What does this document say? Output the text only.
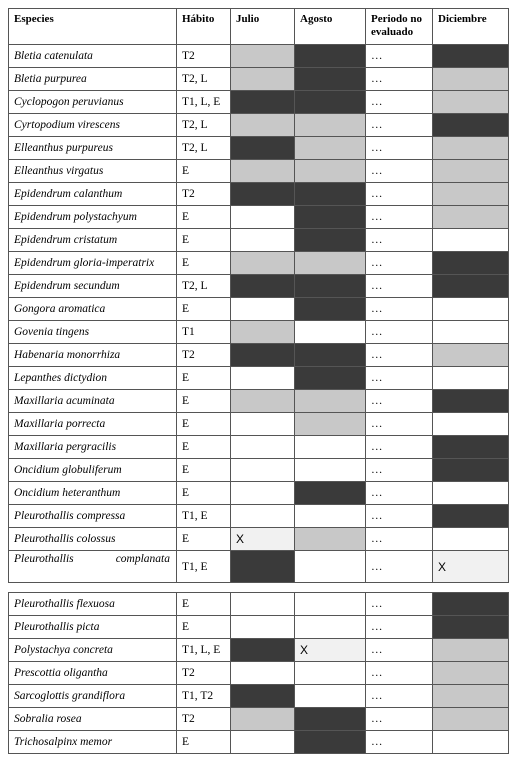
Especies	Hábito	Julio	Agosto	Periodo no evaluado	Diciembre
Bletia catenulata	T2			…	
Bletia purpurea	T2, L			…	
Cyclopogon peruvianus	T1, L, E			…	
Cyrtopodium virescens	T2, L			…	
Elleanthus purpureus	T2, L			…	
Elleanthus virgatus	E			…	
Epidendrum calanthum	T2			…	
Epidendrum polystachyum	E			…	
Epidendrum cristatum	E			…	
Epidendrum gloria-imperatrix	E			…	
Epidendrum secundum	T2, L			…	
Gongora aromatica	E			…	
Govenia tingens	T1			…	
Habenaria monorrhiza	T2			…	
Lepanthes dictydion	E			…	
Maxillaria acuminata	E			…	
Maxillaria porrecta	E			…	
Maxillaria pergracilis	E			…	
Oncidium globuliferum	E			…	
Oncidium heteranthum	E			…	
Pleurothallis compressa	T1, E			…	
Pleurothallis colossus	E	X		…	

Pleurothallis complanata	T1, E			…	X
Pleurothallis flexuosa	E			…	
Pleurothallis picta	E			…	
Polystachya concreta	T1, L, E		X	…	
Prescottia oligantha	T2			…	
Sarcoglottis grandiflora	T1, T2			…	
Sobralia rosea	T2			…	
Trichosalpinx memor	E			…	
